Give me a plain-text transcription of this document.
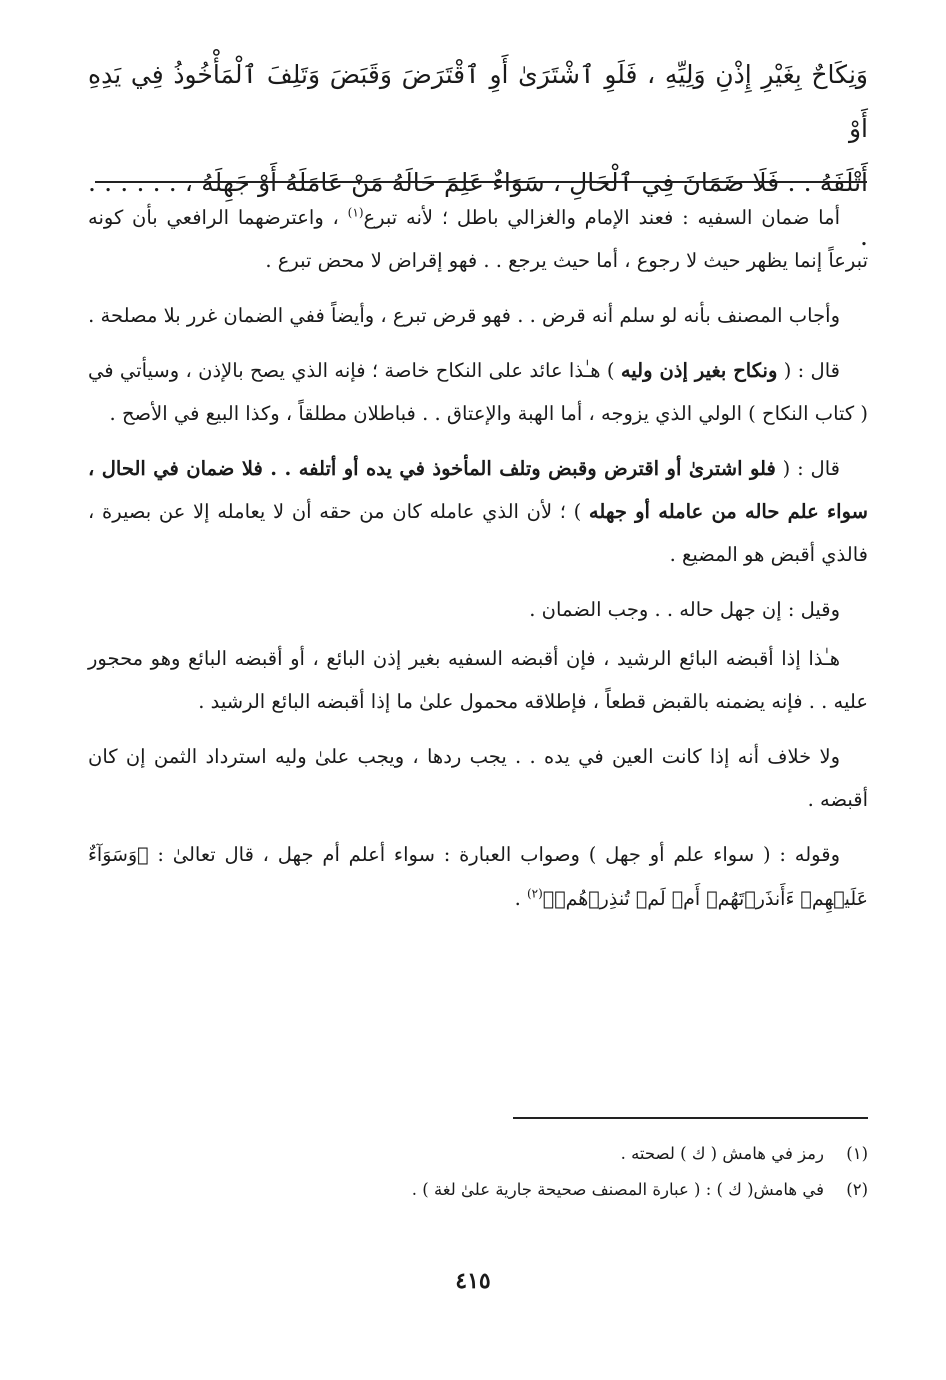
وَنِكَاحٌ بِغَيْرِ إِذْنِ وَلِيِّهِ ، فَلَوِ ٱشْتَرَىٰ أَوِ ٱقْتَرَضَ وَقَبَضَ وَتَلِفَ ٱلْمَأْخُوذُ فِي يَدِهِ أَوْ

أَتْلَفَهُ . . فَلَا ضَمَانَ فِي ٱلْحَالِ ، سَوَاءٌ عَلِمَ حَالَهُ مَنْ عَامَلَهُ أَوْ جَهِلَهُ ، . . . . . . .

أما ضمان السفيه : فعند الإمام والغزالي باطل ؛ لأنه تبرع$^{(١)}$ ، واعترضهما الرافعي بأن كونه تبرعاً إنما يظهر حيث لا رجوع ، أما حيث يرجع . . فهو إقراض لا محض تبرع .

وأجاب المصنف بأنه لو سلم أنه قرض . . فهو قرض تبرع ، وأيضاً ففي الضمان غرر بلا مصلحة .

قال : ( ونكاح بغير إذن وليه ) هـٰذا عائد على النكاح خاصة ؛ فإنه الذي يصح بالإذن ، وسيأتي في ( كتاب النكاح ) الولي الذي يزوجه ، أما الهبة والإعتاق . . فباطلان مطلقاً ، وكذا البيع في الأصح .

قال : ( فلو اشترىٰ أو اقترض وقبض وتلف المأخوذ في يده أو أتلفه . . فلا ضمان في الحال ، سواء علم حاله من عامله أو جهله ) ؛ لأن الذي عامله كان من حقه أن لا يعامله إلا عن بصيرة ، فالذي أقبض هو المضيع .

وقيل : إن جهل حاله . . وجب الضمان .

هـٰذا إذا أقبضه البائع الرشيد ، فإن أقبضه السفيه بغير إذن البائع ، أو أقبضه البائع وهو محجور عليه . . فإنه يضمنه بالقبض قطعاً ، فإطلاقه محمول علىٰ ما إذا أقبضه البائع الرشيد .

ولا خلاف أنه إذا كانت العين في يده . . يجب ردها ، ويجب علىٰ وليه استرداد الثمن إن كان أقبضه .

وقوله : ( سواء علم أو جهل ) وصواب العبارة : سواء أعلم أم جهل ، قال تعالىٰ : ﴿وَسَوَآءٌ عَلَيۡهِمۡ ءَأَنذَرۡتَهُمۡ أَمۡ لَمۡ تُنذِرۡهُمۡ﴾$^{(٢)}$ .

(١)رمز في هامش ( ك ) لصحته .
(٢)في هامش( ك ) : ( عبارة المصنف صحيحة جارية علىٰ لغة ) .
٤١٥
